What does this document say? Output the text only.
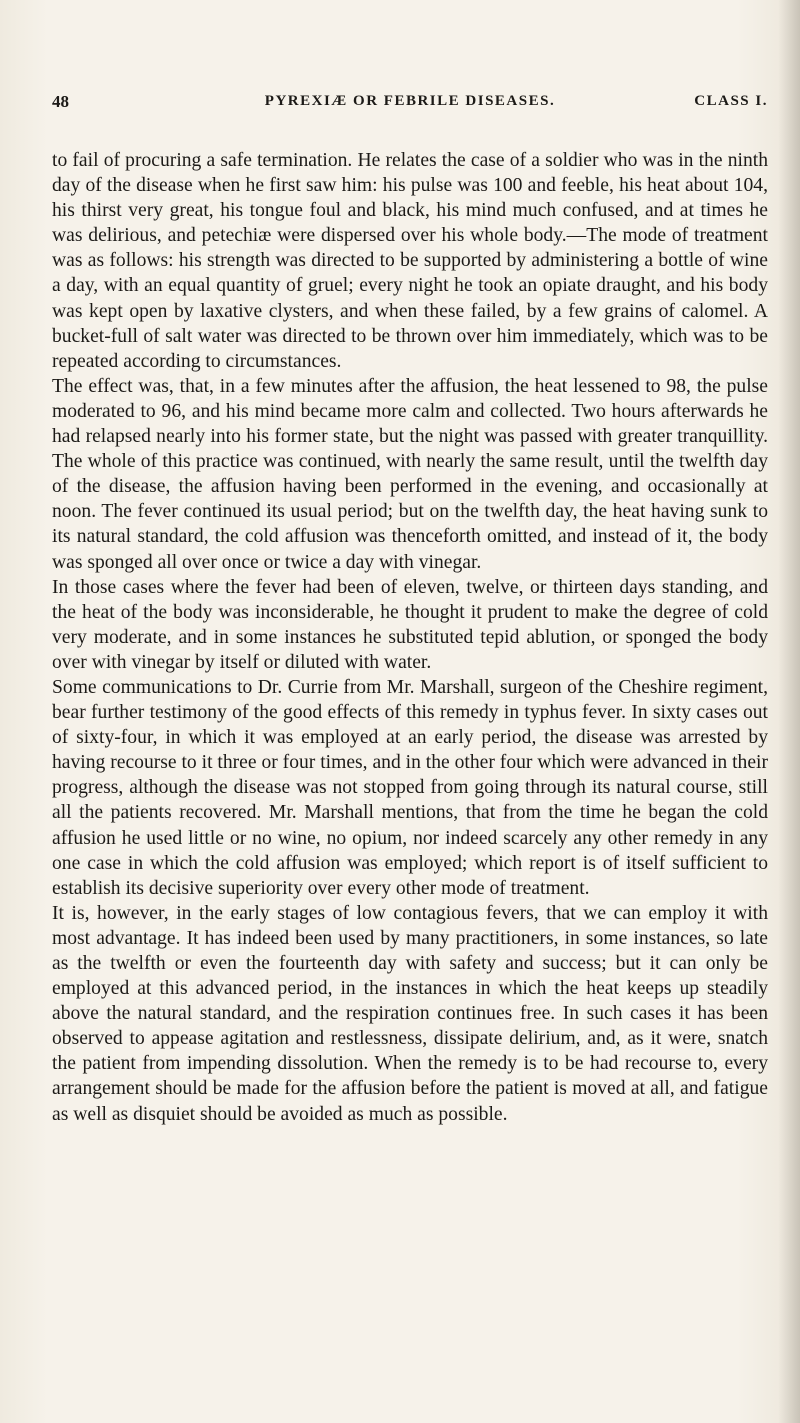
48	PYREXIÆ OR FEBRILE DISEASES.	CLASS I.

to fail of procuring a safe termination. He relates the case of a soldier who was in the ninth day of the disease when he first saw him: his pulse was 100 and feeble, his heat about 104, his thirst very great, his tongue foul and black, his mind much confused, and at times he was delirious, and petechiæ were dispersed over his whole body.—The mode of treatment was as follows: his strength was directed to be supported by administering a bottle of wine a day, with an equal quantity of gruel; every night he took an opiate draught, and his body was kept open by laxative clysters, and when these failed, by a few grains of calomel. A bucket-full of salt water was directed to be thrown over him immediately, which was to be repeated according to circumstances.

The effect was, that, in a few minutes after the affusion, the heat lessened to 98, the pulse moderated to 96, and his mind became more calm and collected. Two hours afterwards he had relapsed nearly into his former state, but the night was passed with greater tranquillity. The whole of this practice was continued, with nearly the same result, until the twelfth day of the disease, the affusion having been performed in the evening, and occasionally at noon. The fever continued its usual period; but on the twelfth day, the heat having sunk to its natural standard, the cold affusion was thenceforth omitted, and instead of it, the body was sponged all over once or twice a day with vinegar.

In those cases where the fever had been of eleven, twelve, or thirteen days standing, and the heat of the body was inconsiderable, he thought it prudent to make the degree of cold very moderate, and in some instances he substituted tepid ablution, or sponged the body over with vinegar by itself or diluted with water.

Some communications to Dr. Currie from Mr. Marshall, surgeon of the Cheshire regiment, bear further testimony of the good effects of this remedy in typhus fever. In sixty cases out of sixty-four, in which it was employed at an early period, the disease was arrested by having recourse to it three or four times, and in the other four which were advanced in their progress, although the disease was not stopped from going through its natural course, still all the patients recovered. Mr. Marshall mentions, that from the time he began the cold affusion he used little or no wine, no opium, nor indeed scarcely any other remedy in any one case in which the cold affusion was employed; which report is of itself sufficient to establish its decisive superiority over every other mode of treatment.

It is, however, in the early stages of low contagious fevers, that we can employ it with most advantage. It has indeed been used by many practitioners, in some instances, so late as the twelfth or even the fourteenth day with safety and success; but it can only be employed at this advanced period, in the instances in which the heat keeps up steadily above the natural standard, and the respiration continues free. In such cases it has been observed to appease agitation and restlessness, dissipate delirium, and, as it were, snatch the patient from impending dissolution. When the remedy is to be had recourse to, every arrangement should be made for the affusion before the patient is moved at all, and fatigue as well as disquiet should be avoided as much as possible.
